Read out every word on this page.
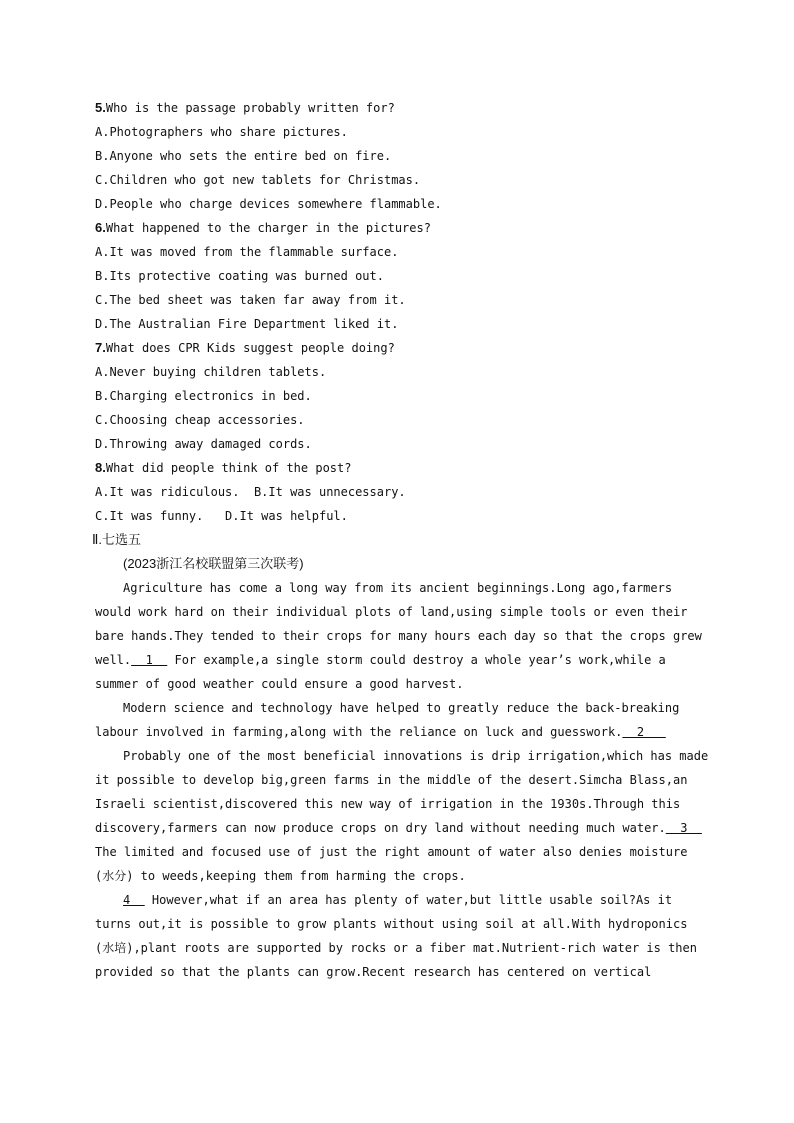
5.Who is the passage probably written for?
A.Photographers who share pictures.
B.Anyone who sets the entire bed on fire.
C.Children who got new tablets for Christmas.
D.People who charge devices somewhere flammable.
6.What happened to the charger in the pictures?
A.It was moved from the flammable surface.
B.Its protective coating was burned out.
C.The bed sheet was taken far away from it.
D.The Australian Fire Department liked it.
7.What does CPR Kids suggest people doing?
A.Never buying children tablets.
B.Charging electronics in bed.
C.Choosing cheap accessories.
D.Throwing away damaged cords.
8.What did people think of the post?
A.It was ridiculous.  B.It was unnecessary.
C.It was funny.   D.It was helpful.
Ⅱ.七选五
(2023浙江名校联盟第三次联考)
Agriculture has come a long way from its ancient beginnings.Long ago,farmers
would work hard on their individual plots of land,using simple tools or even their
bare hands.They tended to their crops for many hours each day so that the crops grew
well.  1   For example,a single storm could destroy a whole year’s work,while a
summer of good weather could ensure a good harvest.
Modern science and technology have helped to greatly reduce the back-breaking
labour involved in farming,along with the reliance on luck and guesswork.  2
Probably one of the most beneficial innovations is drip irrigation,which has made
it possible to develop big,green farms in the middle of the desert.Simcha Blass,an
Israeli scientist,discovered this new way of irrigation in the 1930s.Through this
discovery,farmers can now produce crops on dry land without needing much water.  3
The limited and focused use of just the right amount of water also denies moisture
(水分) to weeds,keeping them from harming the crops.
4   However,what if an area has plenty of water,but little usable soil?As it
turns out,it is possible to grow plants without using soil at all.With hydroponics
(水培),plant roots are supported by rocks or a fiber mat.Nutrient-rich water is then
provided so that the plants can grow.Recent research has centered on vertical
